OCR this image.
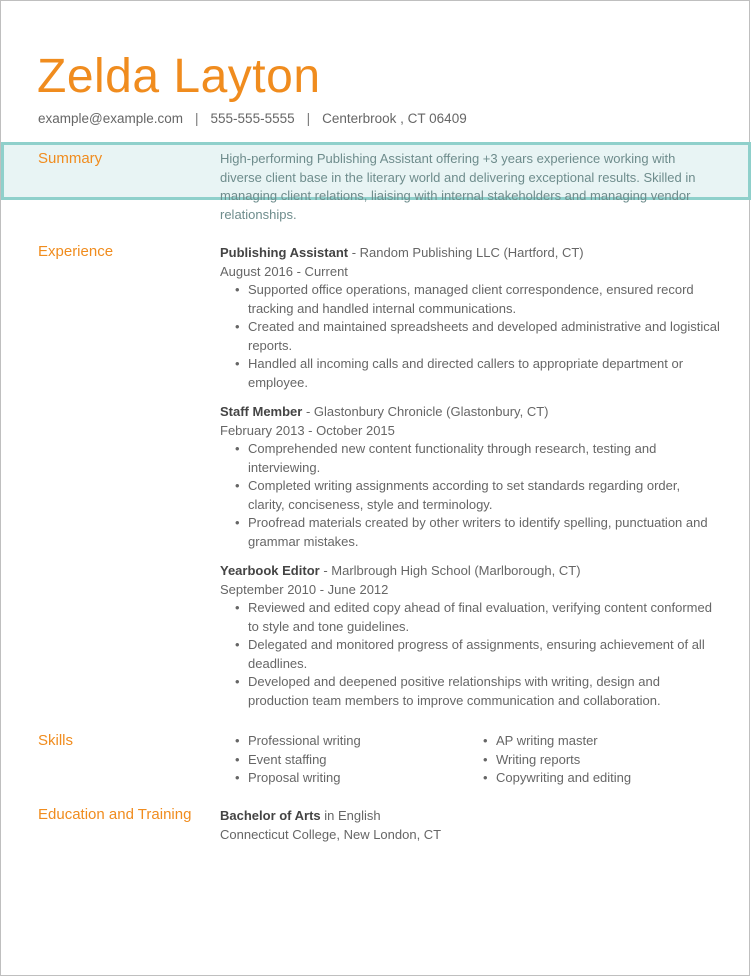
Zelda Layton
example@example.com | 555-555-5555 | Centerbrook , CT 06409
Summary	High-performing Publishing Assistant offering +3 years experience working with diverse client base in the literary world and delivering exceptional results. Skilled in managing client relations, liaising with internal stakeholders and managing vendor relationships.
Experience	Publishing Assistant - Random Publishing LLC (Hartford, CT)
August 2016 - Current
• Supported office operations, managed client correspondence, ensured record tracking and handled internal communications.
• Created and maintained spreadsheets and developed administrative and logistical reports.
• Handled all incoming calls and directed callers to appropriate department or employee.
Staff Member - Glastonbury Chronicle (Glastonbury, CT)
February 2013 - October 2015
• Comprehended new content functionality through research, testing and interviewing.
• Completed writing assignments according to set standards regarding order, clarity, conciseness, style and terminology.
• Proofread materials created by other writers to identify spelling, punctuation and grammar mistakes.
Yearbook Editor - Marlbrough High School (Marlborough, CT)
September 2010 - June 2012
• Reviewed and edited copy ahead of final evaluation, verifying content conformed to style and tone guidelines.
• Delegated and monitored progress of assignments, ensuring achievement of all deadlines.
• Developed and deepened positive relationships with writing, design and production team members to improve communication and collaboration.
Skills
•	Professional writing
• Event staffing
• Proposal writing
• AP writing master
• Writing reports
• Copywriting and editing
Education and Training Bachelor of Arts in English
Connecticut College, New London, CT
